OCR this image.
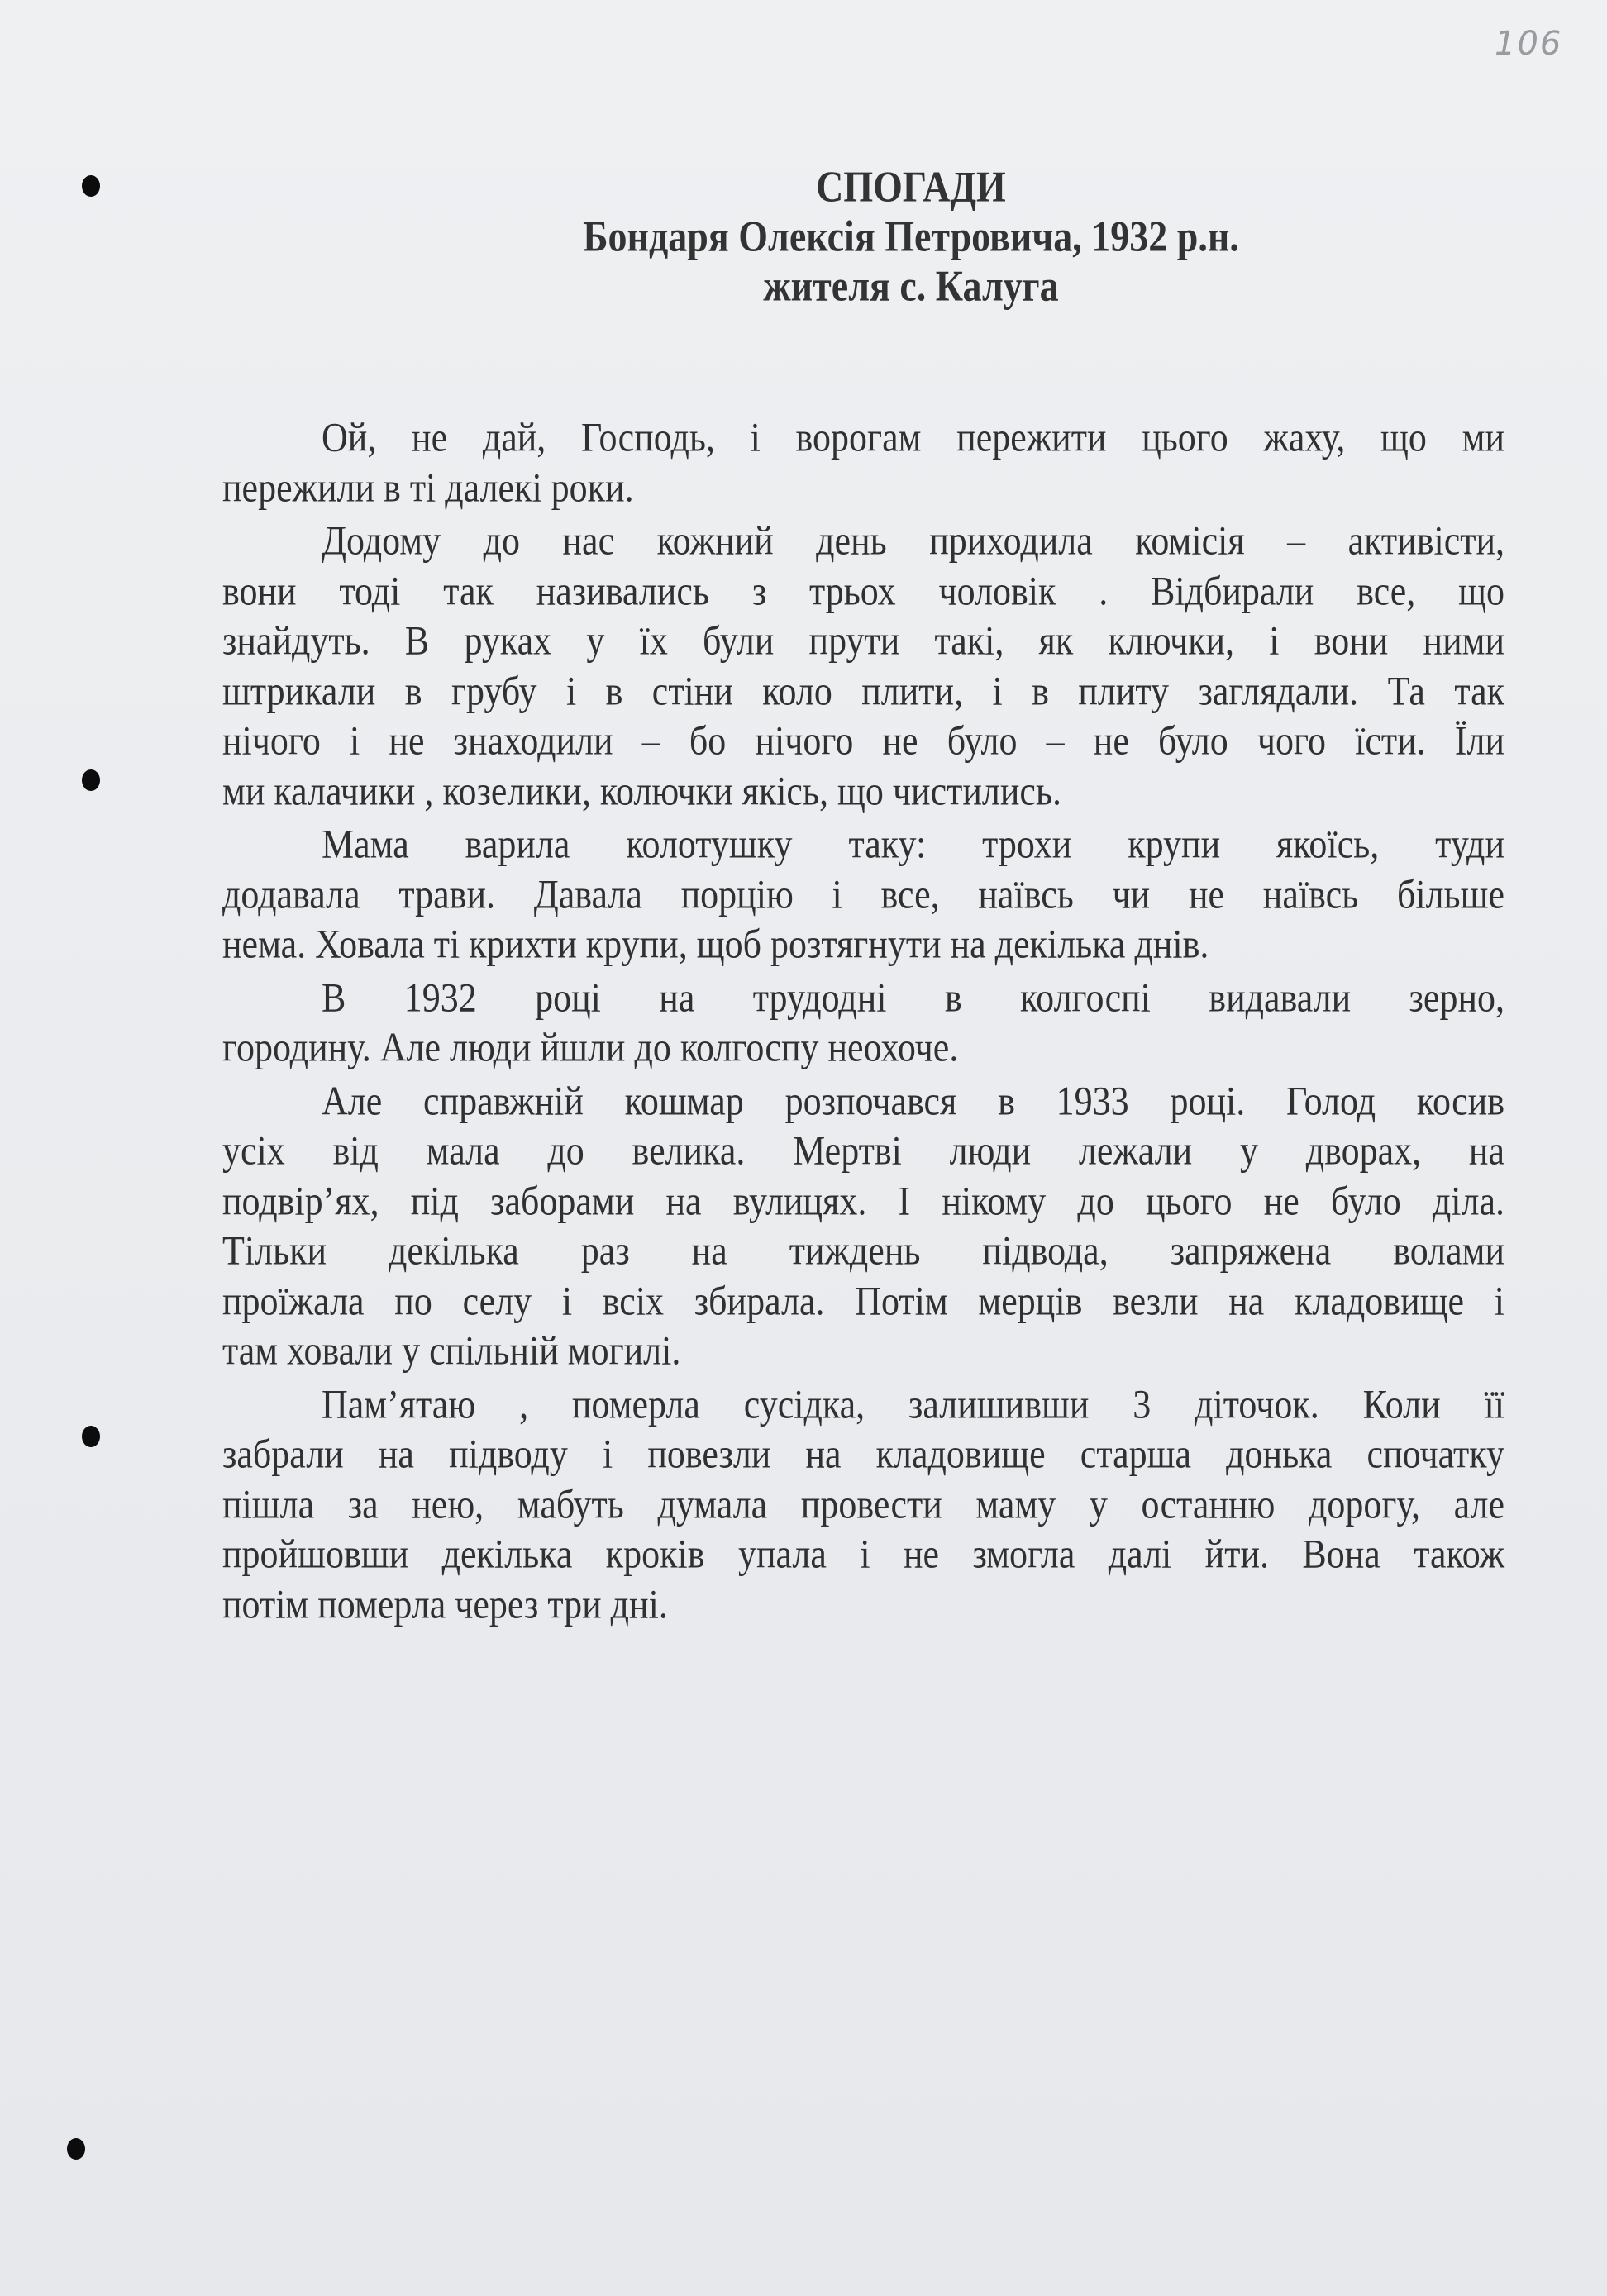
106
СПОГАДИ
Бондаря Олексія Петровича, 1932 р.н.
жителя с. Калуга
Ой, не дай, Господь, і ворогам пережити цього жаху, що ми
пережили в ті далекі роки.
Додому до нас кожний день приходила комісія – активісти,
вони тоді так називались з трьох чоловік . Відбирали все, що
знайдуть. В руках у їх були прути такі, як ключки, і вони ними
штрикали в грубу і в стіни коло плити, і в плиту заглядали. Та так
нічого і не знаходили – бо нічого не було – не було чого їсти. Їли
ми калачики , козелики, колючки якісь, що чистились.
Мама варила колотушку таку: трохи крупи якоїсь, туди
додавала трави. Давала порцію і все, наївсь чи не наївсь більше
нема. Ховала ті крихти крупи, щоб розтягнути на декілька днів.
В 1932 році на трудодні в колгоспі видавали зерно,
городину. Але люди йшли до колгоспу неохоче.
Але справжній кошмар розпочався в 1933 році. Голод косив
усіх від мала до велика. Мертві люди лежали у дворах, на
подвір’ях, під заборами на вулицях. І нікому до цього не було діла.
Тільки декілька раз на тиждень підвода, запряжена волами
проїжала по селу і всіх збирала. Потім мерців везли на кладовище і
там ховали у спільній могилі.
Пам’ятаю , померла сусідка, залишивши 3 діточок. Коли її
забрали на підводу і повезли на кладовище старша донька спочатку
пішла за нею, мабуть думала провести маму у останню дорогу, але
пройшовши декілька кроків упала і не змогла далі йти. Вона також
потім померла через три дні.
